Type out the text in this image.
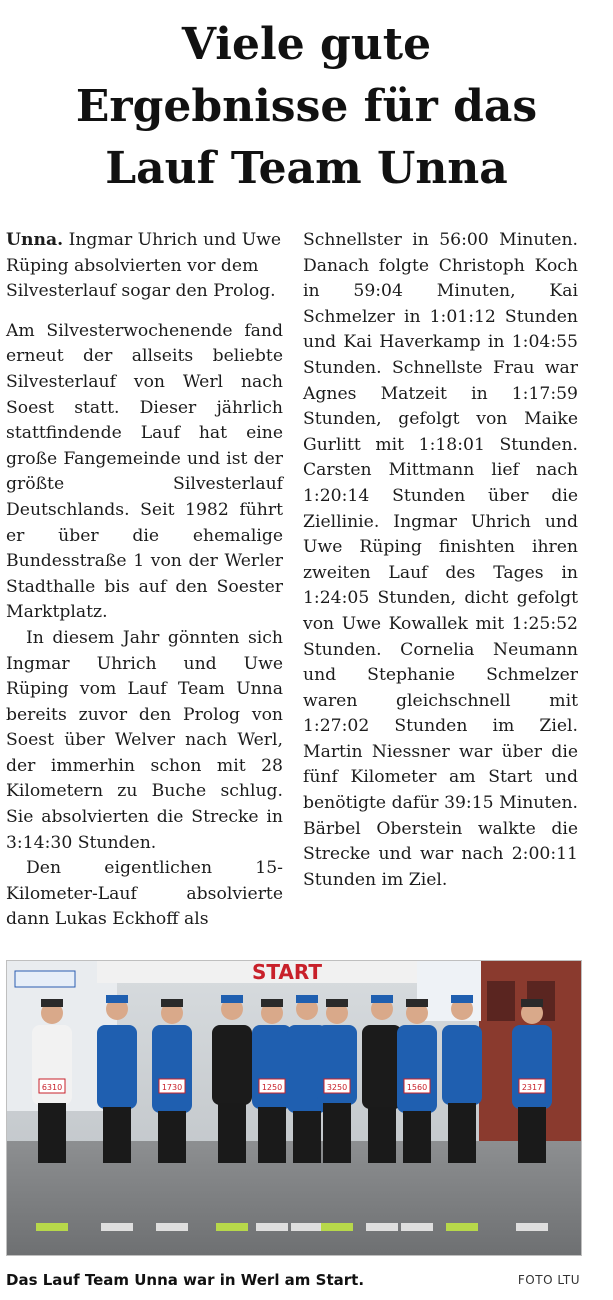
Viele gute
Ergebnisse für das
Lauf Team Unna

Unna. Ingmar Uhrich und Uwe Rüping absolvierten vor dem Silvesterlauf sogar den Prolog.

Am Silvesterwochenende fand erneut der allseits beliebte Silvesterlauf von Werl nach Soest statt. Dieser jährlich stattfindende Lauf hat eine große Fangemeinde und ist der größte Silvesterlauf Deutschlands. Seit 1982 führt er über die ehemalige Bundesstraße 1 von der Werler Stadthalle bis auf den Soester Marktplatz.

In diesem Jahr gönnten sich Ingmar Uhrich und Uwe Rüping vom Lauf Team Unna bereits zuvor den Prolog von Soest über Welver nach Werl, der immerhin schon mit 28 Kilometern zu Buche schlug. Sie absolvierten die Strecke in 3:14:30 Stunden.

Den eigentlichen 15-Kilometer-Lauf absolvierte dann Lukas Eckhoff als

Schnellster in 56:00 Minuten. Danach folgte Christoph Koch in 59:04 Minuten, Kai Schmelzer in 1:01:12 Stunden und Kai Haverkamp in 1:04:55 Stunden. Schnellste Frau war Agnes Matzeit in 1:17:59 Stunden, gefolgt von Maike Gurlitt mit 1:18:01 Stunden. Carsten Mittmann lief nach 1:20:14 Stunden über die Ziellinie. Ingmar Uhrich und Uwe Rüping finishten ihren zweiten Lauf des Tages in 1:24:05 Stunden, dicht gefolgt von Uwe Kowallek mit 1:25:52 Stunden. Cornelia Neumann und Stephanie Schmelzer waren gleichschnell mit 1:27:02 Stunden im Ziel. Martin Niessner war über die fünf Kilometer am Start und benötigte dafür 39:15 Minuten. Bärbel Oberstein walkte die Strecke und war nach 2:00:11 Stunden im Ziel.

START
6310	1730	1250	3250	1560	2317
Das Lauf Team Unna war in Werl am Start.	FOTO LTU
